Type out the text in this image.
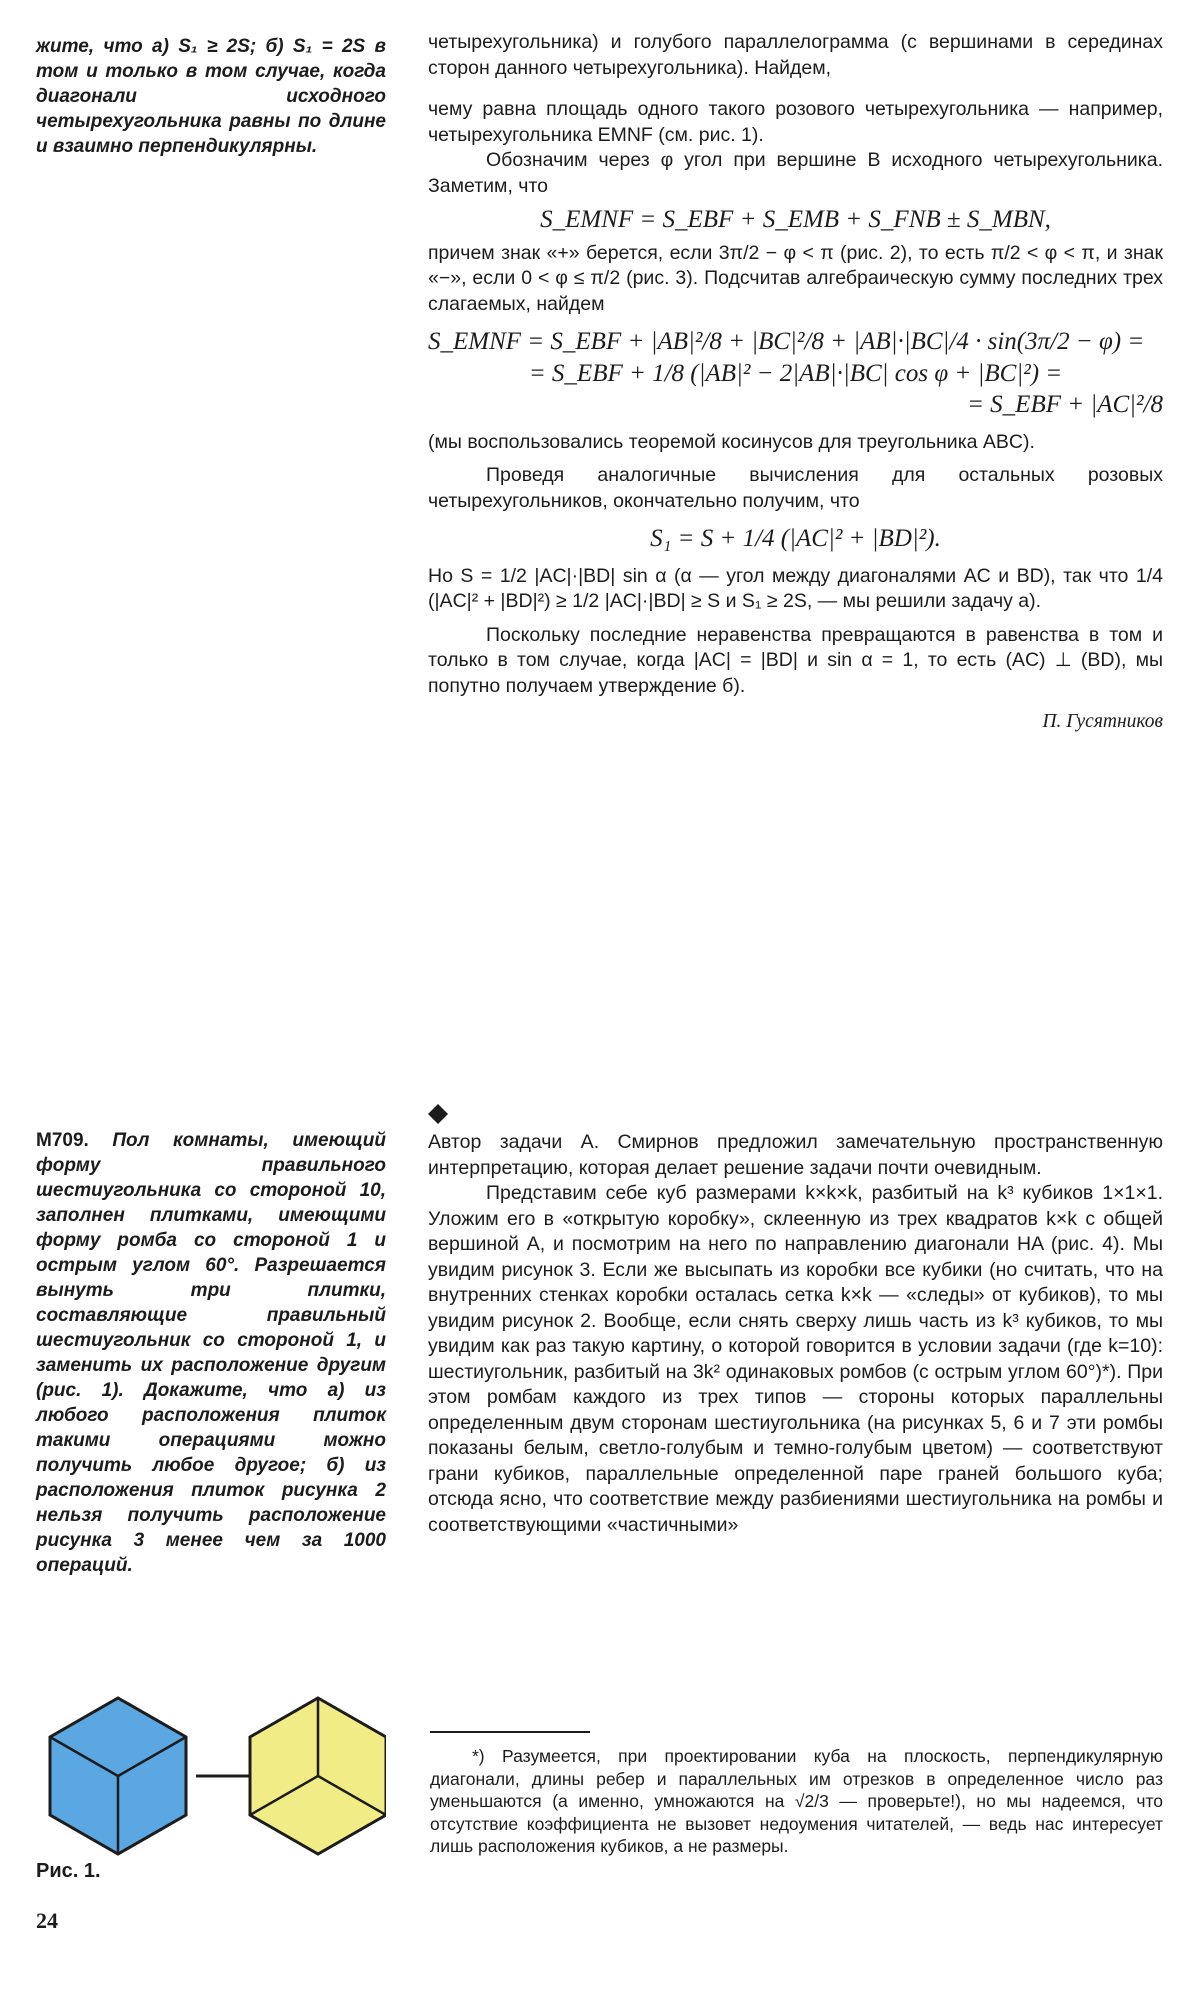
жите, что а) S₁ ≥ 2S; б) S₁ = 2S в том и только в том случае, когда диагонали исходного четырехугольника равны по длине и взаимно перпендикулярны.

четырехугольника) и голубого параллелограмма (с вершинами в серединах сторон данного четырехугольника). Найдем,

чему равна площадь одного такого розового четырехугольника — например, четырехугольника EMNF (см. рис. 1).

Обозначим через φ угол при вершине B исходного четырехугольника. Заметим, что

S_EMNF = S_EBF + S_EMB + S_FNB ± S_MBN,

причем знак «+» берется, если 3π/2 − φ < π (рис. 2), то есть π/2 < φ < π, и знак «−», если 0 < φ ≤ π/2 (рис. 3). Подсчитав алгебраическую сумму последних трех слагаемых, найдем

S_EMNF = S_EBF + |AB|²/8 + |BC|²/8 + |AB|·|BC|/4 · sin(3π/2 − φ) =
= S_EBF + 1/8 (|AB|² − 2|AB|·|BC| cos φ + |BC|²) =
= S_EBF + |AC|²/8

(мы воспользовались теоремой косинусов для треугольника ABC).

Проведя аналогичные вычисления для остальных розовых четырехугольников, окончательно получим, что

S₁ = S + 1/4 (|AC|² + |BD|²).

Но S = 1/2 |AC|·|BD| sin α (α — угол между диагоналями AC и BD), так что 1/4 (|AC|² + |BD|²) ≥ 1/2 |AC|·|BD| ≥ S и S₁ ≥ 2S, — мы решили задачу а).

Поскольку последние неравенства превращаются в равенства в том и только в том случае, когда |AC| = |BD| и sin α = 1, то есть (AC) ⊥ (BD), мы попутно получаем утверждение б).

П. Гусятников

М709. Пол комнаты, имеющий форму правильного шестиугольника со стороной 10, заполнен плитками, имеющими форму ромба со стороной 1 и острым углом 60°. Разрешается вынуть три плитки, составляющие правильный шестиугольник со стороной 1, и заменить их расположение другим (рис. 1). Докажите, что а) из любого расположения плиток такими операциями можно получить любое другое; б) из расположения плиток рисунка 2 нельзя получить расположение рисунка 3 менее чем за 1000 операций.

Автор задачи А. Смирнов предложил замечательную пространственную интерпретацию, которая делает решение задачи почти очевидным.

Представим себе куб размерами k×k×k, разбитый на k³ кубиков 1×1×1. Уложим его в «открытую коробку», склеенную из трех квадратов k×k с общей вершиной A, и посмотрим на него по направлению диагонали HA (рис. 4). Мы увидим рисунок 3. Если же высыпать из коробки все кубики (но считать, что на внутренних стенках коробки осталась сетка k×k — «следы» от кубиков), то мы увидим рисунок 2. Вообще, если снять сверху лишь часть из k³ кубиков, то мы увидим как раз такую картину, о которой говорится в условии задачи (где k=10): шестиугольник, разбитый на 3k² одинаковых ромбов (с острым углом 60°)*). При этом ромбам каждого из трех типов — стороны которых параллельны определенным двум сторонам шестиугольника (на рисунках 5, 6 и 7 эти ромбы показаны белым, светло-голубым и темно-голубым цветом) — соответствуют грани кубиков, параллельные определенной паре граней большого куба; отсюда ясно, что соответствие между разбиениями шестиугольника на ромбы и соответствующими «частичными»

Рис. 1.
24
*) Разумеется, при проектировании куба на плоскость, перпендикулярную диагонали, длины ребер и параллельных им отрезков в определенное число раз уменьшаются (а именно, умножаются на √2/3 — проверьте!), но мы надеемся, что отсутствие коэффициента не вызовет недоумения читателей, — ведь нас интересует лишь расположения кубиков, а не размеры.
